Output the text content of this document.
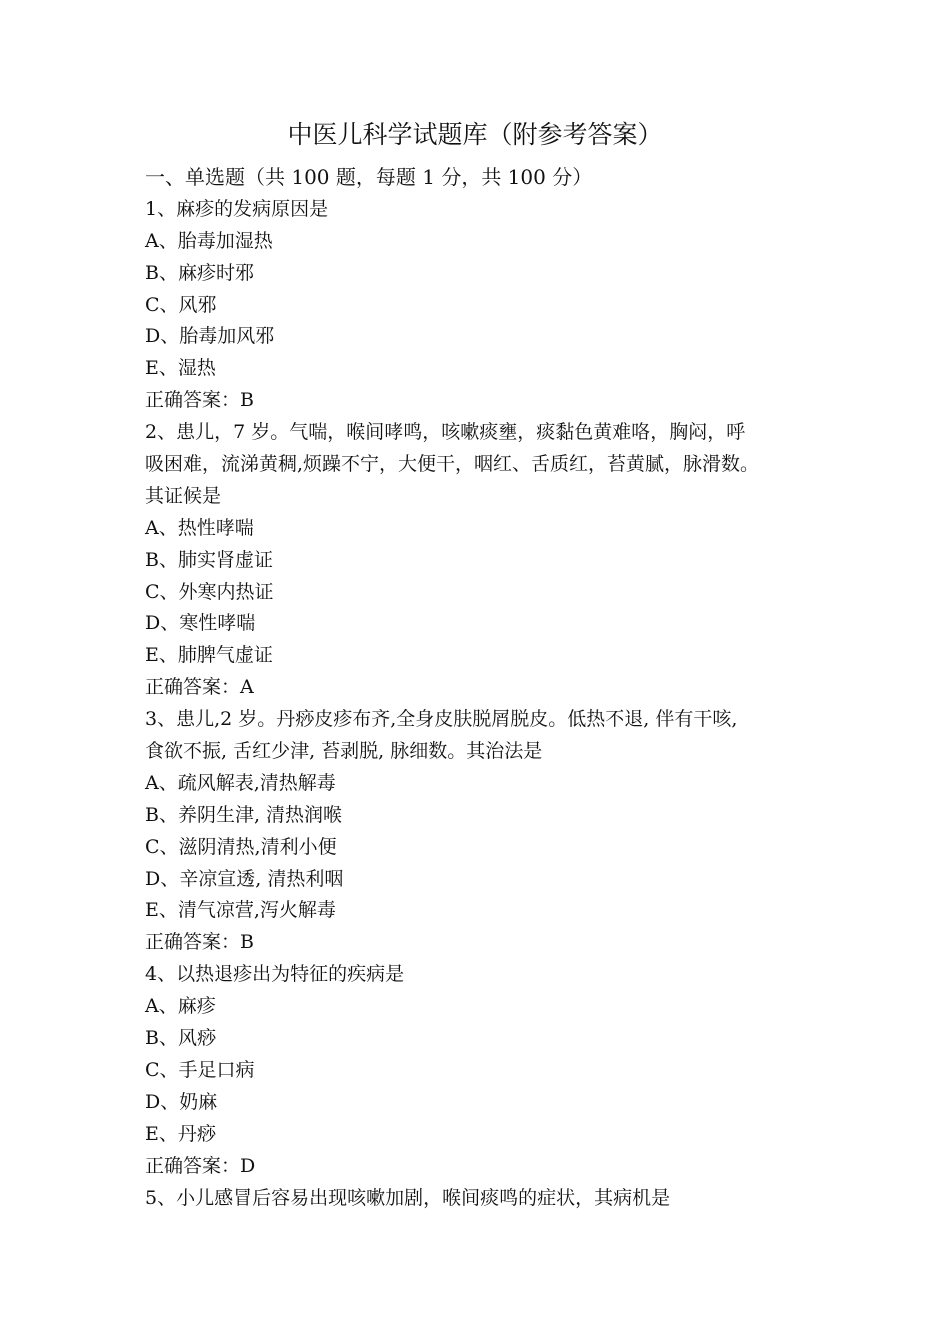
中医儿科学试题库（附参考答案）
一、单选题（共 100 题，每题 1 分，共 100 分）
1、麻疹的发病原因是
A、胎毒加湿热
B、麻疹时邪
C、风邪
D、胎毒加风邪
E、湿热
正确答案：B
2、患儿，7 岁。气喘，喉间哮鸣，咳嗽痰壅，痰黏色黄难咯，胸闷，呼
吸困难，流涕黄稠,烦躁不宁，大便干，咽红、舌质红，苔黄腻，脉滑数。
其证候是
A、热性哮喘
B、肺实肾虚证
C、外寒内热证
D、寒性哮喘
E、肺脾气虚证
正确答案：A
3、患儿,2 岁。丹痧皮疹布齐,全身皮肤脱屑脱皮。低热不退, 伴有干咳,
食欲不振, 舌红少津, 苔剥脱, 脉细数。其治法是
A、疏风解表,清热解毒
B、养阴生津, 清热润喉
C、滋阴清热,清利小便
D、辛凉宣透, 清热利咽
E、清气凉营,泻火解毒
正确答案：B
4、以热退疹出为特征的疾病是
A、麻疹
B、风痧
C、手足口病
D、奶麻
E、丹痧
正确答案：D
5、小儿感冒后容易出现咳嗽加剧，喉间痰鸣的症状，其病机是
